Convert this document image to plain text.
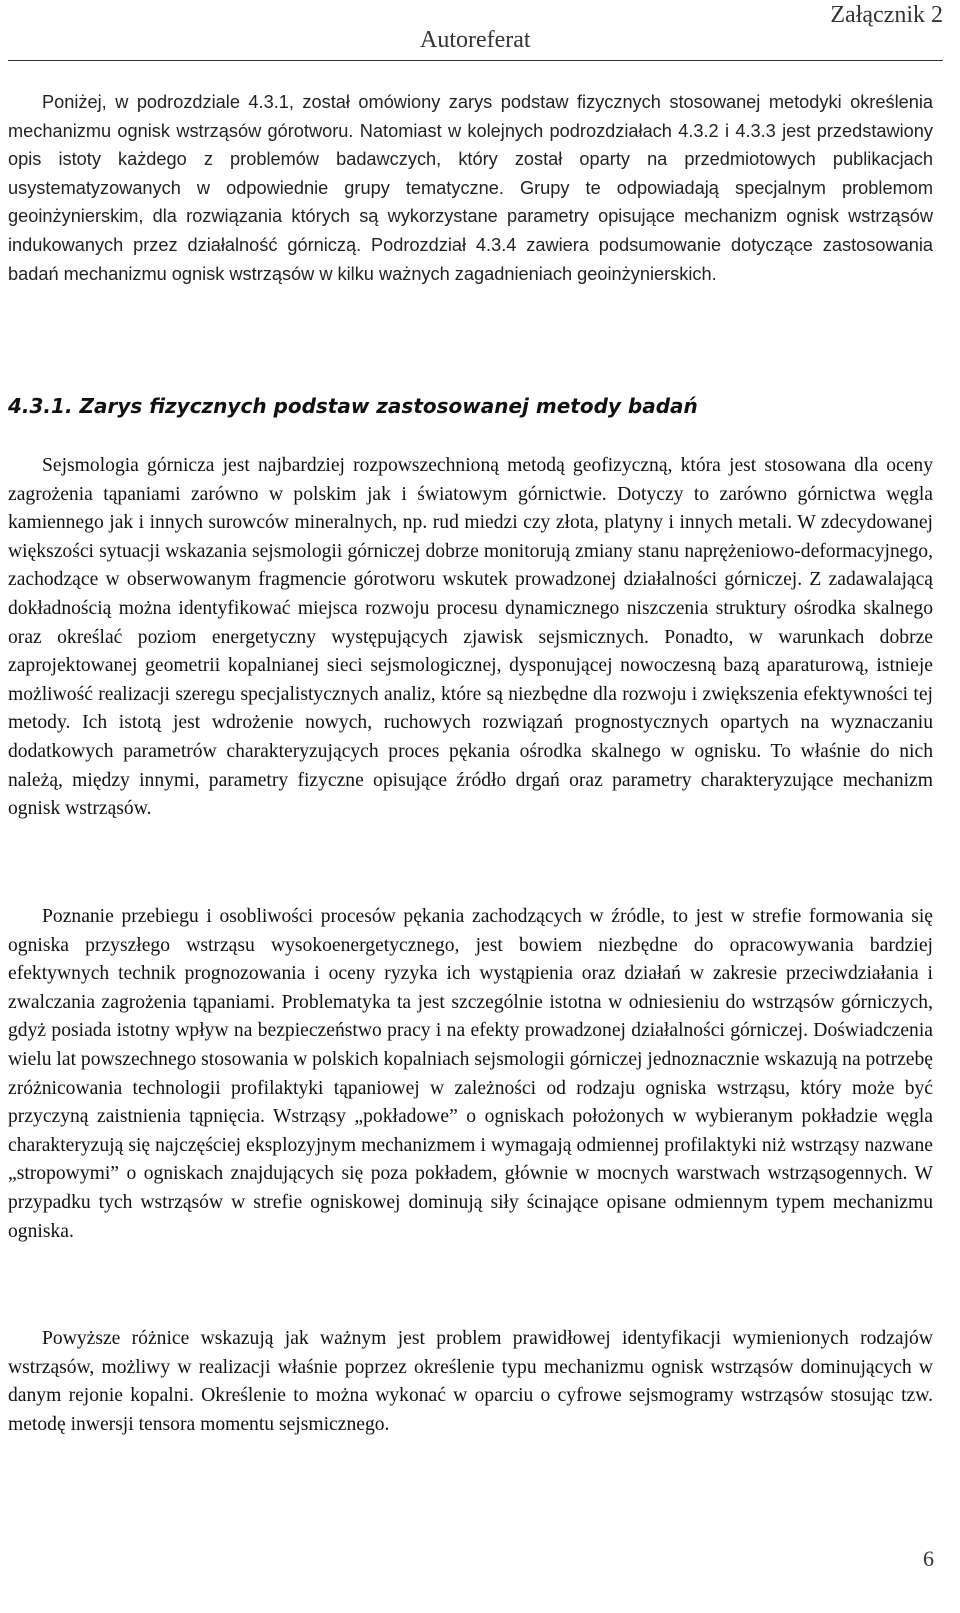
Załącznik 2
Autoreferat

Poniżej, w podrozdziale 4.3.1, został omówiony zarys podstaw fizycznych stosowanej metodyki określenia mechanizmu ognisk wstrząsów górotworu. Natomiast w kolejnych podrozdziałach 4.3.2 i 4.3.3 jest przedstawiony opis istoty każdego z problemów badawczych, który został oparty na przedmiotowych publikacjach usystematyzowanych w odpowiednie grupy tematyczne. Grupy te odpowiadają specjalnym problemom geoinżynierskim, dla rozwiązania których są wykorzystane parametry opisujące mechanizm ognisk wstrząsów indukowanych przez działalność górniczą. Podrozdział 4.3.4 zawiera podsumowanie dotyczące zastosowania badań mechanizmu ognisk wstrząsów w kilku ważnych zagadnieniach geoinżynierskich.

4.3.1. Zarys fizycznych podstaw zastosowanej metody badań

Sejsmologia górnicza jest najbardziej rozpowszechnioną metodą geofizyczną, która jest stosowana dla oceny zagrożenia tąpaniami zarówno w polskim jak i światowym górnictwie. Dotyczy to zarówno górnictwa węgla kamiennego jak i innych surowców mineralnych, np. rud miedzi czy złota, platyny i innych metali. W zdecydowanej większości sytuacji wskazania sejsmologii górniczej dobrze monitorują zmiany stanu naprężeniowo-deformacyjnego, zachodzące w obserwowanym fragmencie górotworu wskutek prowadzonej działalności górniczej. Z zadawalającą dokładnością można identyfikować miejsca rozwoju procesu dynamicznego niszczenia struktury ośrodka skalnego oraz określać poziom energetyczny występujących zjawisk sejsmicznych. Ponadto, w warunkach dobrze zaprojektowanej geometrii kopalnianej sieci sejsmologicznej, dysponującej nowoczesną bazą aparaturową, istnieje możliwość realizacji szeregu specjalistycznych analiz, które są niezbędne dla rozwoju i zwiększenia efektywności tej metody. Ich istotą jest wdrożenie nowych, ruchowych rozwiązań prognostycznych opartych na wyznaczaniu dodatkowych parametrów charakteryzujących proces pękania ośrodka skalnego w ognisku. To właśnie do nich należą, między innymi, parametry fizyczne opisujące źródło drgań oraz parametry charakteryzujące mechanizm ognisk wstrząsów.

Poznanie przebiegu i osobliwości procesów pękania zachodzących w źródle, to jest w strefie formowania się ogniska przyszłego wstrząsu wysokoenergetycznego, jest bowiem niezbędne do opracowywania bardziej efektywnych technik prognozowania i oceny ryzyka ich wystąpienia oraz działań w zakresie przeciwdziałania i zwalczania zagrożenia tąpaniami. Problematyka ta jest szczególnie istotna w odniesieniu do wstrząsów górniczych, gdyż posiada istotny wpływ na bezpieczeństwo pracy i na efekty prowadzonej działalności górniczej. Doświadczenia wielu lat powszechnego stosowania w polskich kopalniach sejsmologii górniczej jednoznacznie wskazują na potrzebę zróżnicowania technologii profilaktyki tąpaniowej w zależności od rodzaju ogniska wstrząsu, który może być przyczyną zaistnienia tąpnięcia. Wstrząsy „pokładowe” o ogniskach położonych w wybieranym pokładzie węgla charakteryzują się najczęściej eksplozyjnym mechanizmem i wymagają odmiennej profilaktyki niż wstrząsy nazwane „stropowymi” o ogniskach znajdujących się poza pokładem, głównie w mocnych warstwach wstrząsogennych. W przypadku tych wstrząsów w strefie ogniskowej dominują siły ścinające opisane odmiennym typem mechanizmu ogniska.

Powyższe różnice wskazują jak ważnym jest problem prawidłowej identyfikacji wymienionych rodzajów wstrząsów, możliwy w realizacji właśnie poprzez określenie typu mechanizmu ognisk wstrząsów dominujących w danym rejonie kopalni. Określenie to można wykonać w oparciu o cyfrowe sejsmogramy wstrząsów stosując tzw. metodę inwersji tensora momentu sejsmicznego.

6
